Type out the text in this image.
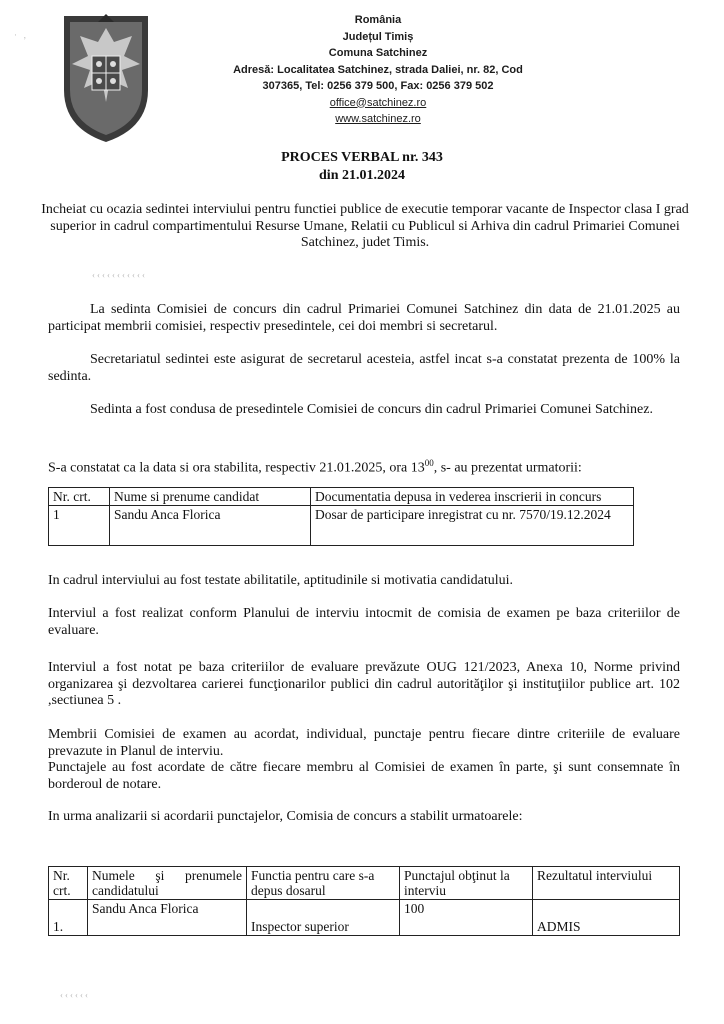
· ‚
România
Județul Timiș
Comuna Satchinez
Adresă: Localitatea Satchinez, strada Daliei, nr. 82, Cod
307365, Tel: 0256 379 500, Fax: 0256 379 502
office@satchinez.ro
www.satchinez.ro
PROCES VERBAL nr. 343
din 21.01.2024
Incheiat cu ocazia sedintei interviului pentru functiei publice de executie temporar vacante de Inspector clasa I grad superior in cadrul compartimentului Resurse Umane, Relatii cu Publicul si Arhiva din cadrul Primariei Comunei Satchinez, judet Timis.
‹‹‹‹‹‹‹‹‹‹‹
La sedinta Comisiei de concurs din cadrul Primariei Comunei Satchinez din data de 21.01.2025 au participat membrii comisiei, respectiv presedintele, cei doi membri si secretarul.
Secretariatul sedintei este asigurat de secretarul acesteia, astfel incat s-a constatat prezenta de 100% la sedinta.
Sedinta a fost condusa de presedintele Comisiei de concurs din cadrul Primariei Comunei Satchinez.
S-a constatat ca la data si ora stabilita, respectiv 21.01.2025, ora $13^{00}$, s- au prezentat urmatorii:
Nr. crt.	Nume si prenume candidat	Documentatia depusa in vederea inscrierii in concurs
1	Sandu Anca Florica	Dosar de participare inregistrat cu nr. 7570/19.12.2024
In cadrul interviului au fost testate abilitatile, aptitudinile si motivatia candidatului.
Interviul a fost realizat conform Planului de interviu intocmit de comisia de examen pe baza criteriilor de evaluare.
Interviul a fost notat pe baza criteriilor de evaluare prevăzute OUG 121/2023, Anexa 10, Norme privind organizarea şi dezvoltarea carierei funcţionarilor publici din cadrul autorităţilor şi instituţiilor publice art. 102 ,sectiunea 5 .
Membrii Comisiei de examen au acordat, individual, punctaje pentru fiecare dintre criteriile de evaluare prevazute in Planul de interviu.
Punctajele au fost acordate de către fiecare membru al Comisiei de examen în parte, şi sunt consemnate în borderoul de notare.
In urma analizarii si acordarii punctajelor, Comisia de concurs a stabilit urmatoarele:
Nr. crt.	Numele şi prenumele candidatului	Functia pentru care s-a depus dosarul	Punctajul obţinut la interviu	Rezultatul interviului
1.	Sandu Anca Florica	Inspector superior	100	ADMIS
‹‹‹‹‹‹
